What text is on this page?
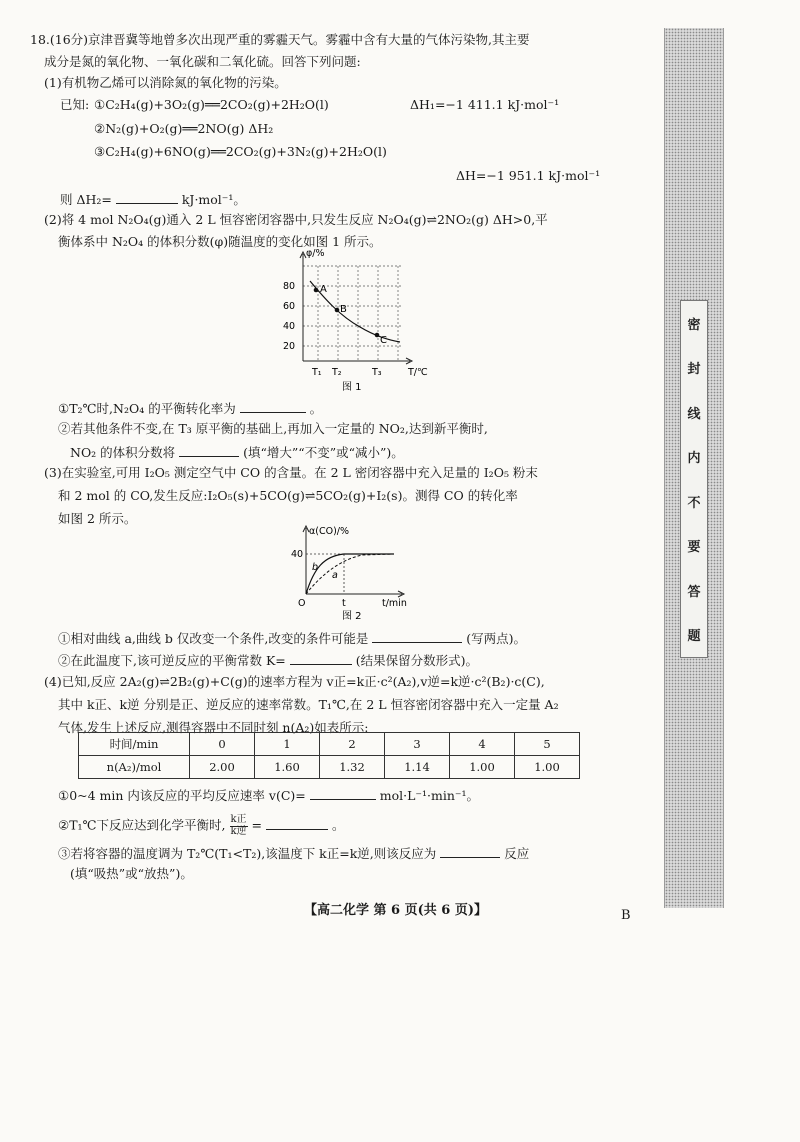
18.(16分)京津晋冀等地曾多次出现严重的雾霾天气。雾霾中含有大量的气体污染物,其主要
成分是氮的氧化物、一氧化碳和二氧化硫。回答下列问题:
(1)有机物乙烯可以消除氮的氧化物的污染。
已知: ①C₂H₄(g)+3O₂(g)══2CO₂(g)+2H₂O(l)	ΔH₁=−1 411.1 kJ·mol⁻¹
②N₂(g)+O₂(g)══2NO(g) ΔH₂
③C₂H₄(g)+6NO(g)══2CO₂(g)+3N₂(g)+2H₂O(l)
ΔH=−1 951.1 kJ·mol⁻¹
则 ΔH₂=	kJ·mol⁻¹。
(2)将 4 mol N₂O₄(g)通入 2 L 恒容密闭容器中,只发生反应 N₂O₄(g)⇌2NO₂(g) ΔH>0,平
衡体系中 N₂O₄ 的体积分数(φ)随温度的变化如图 1 所示。
A
B
C
φ/%
T/℃
80
60
40
20
T₁ T₂	T₃
图 1
①T₂℃时,N₂O₄ 的平衡转化率为	。
②若其他条件不变,在 T₃ 原平衡的基础上,再加入一定量的 NO₂,达到新平衡时,
NO₂ 的体积分数将	(填“增大”“不变”或“减小”)。
(3)在实验室,可用 I₂O₅ 测定空气中 CO 的含量。在 2 L 密闭容器中充入足量的 I₂O₅ 粉末
和 2 mol 的 CO,发生反应:I₂O₅(s)+5CO(g)⇌5CO₂(g)+I₂(s)。测得 CO 的转化率
如图 2 所示。
α(CO)/%
40
O	t	t/min
b
a
图 2
①相对曲线 a,曲线 b 仅改变一个条件,改变的条件可能是	(写两点)。
②在此温度下,该可逆反应的平衡常数 K=	(结果保留分数形式)。
(4)已知,反应 2A₂(g)⇌2B₂(g)+C(g)的速率方程为 v正=k正·c²(A₂),v逆=k逆·c²(B₂)·c(C),
其中 k正、k逆 分别是正、逆反应的速率常数。T₁℃,在 2 L 恒容密闭容器中充入一定量 A₂
气体,发生上述反应,测得容器中不同时刻 n(A₂)如表所示:
时间/min	0	1	2	3	4	5
n(A₂)/mol	2.00	1.60	1.32	1.14	1.00	1.00
①0~4 min 内该反应的平均反应速率 v(C)=	mol·L⁻¹·min⁻¹。
②T₁℃下反应达到化学平衡时, k正
k逆 =	。
③若将容器的温度调为 T₂℃(T₁<T₂),该温度下 k正=k逆,则该反应为	反应
(填“吸热”或“放热”)。
【高二化学 第 6 页(共 6 页)】	B
密
封
线
内
不
要
答
题
